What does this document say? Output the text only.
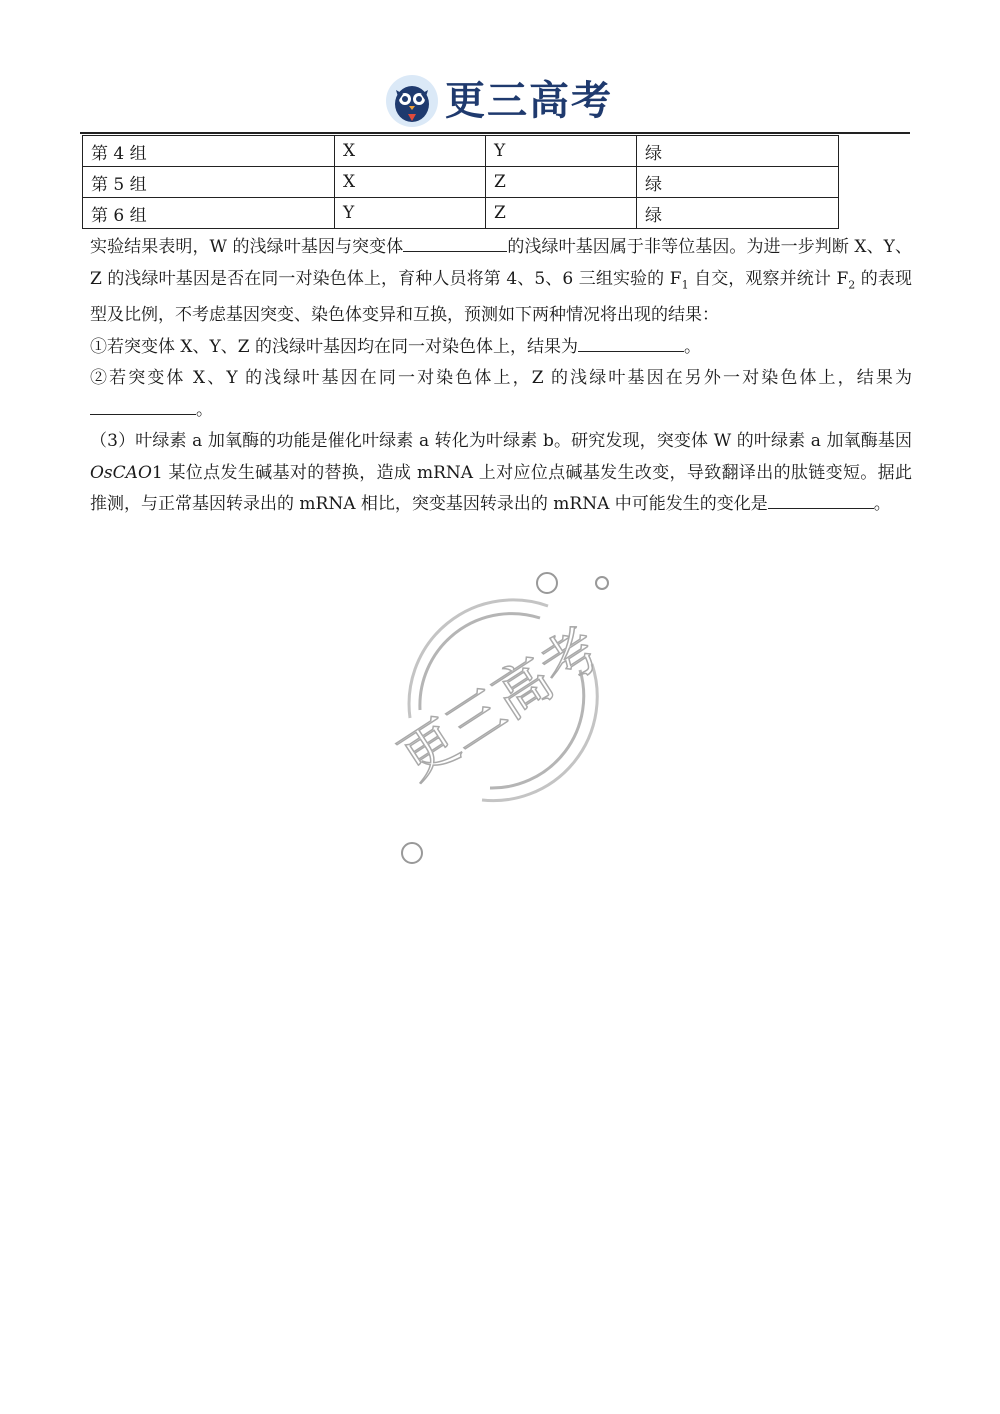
更三高考
第 4 组	X	Y	绿
第 5 组	X	Z	绿
第 6 组	Y	Z	绿

实验结果表明，W 的浅绿叶基因与突变体	的浅绿叶基因属于非等位基因。为进一步判断 X、Y、Z 的浅绿叶基因是否在同一对染色体上，育种人员将第 4、5、6 三组实验的 $F_1$ 自交，观察并统计 $F_2$ 的表现型及比例，不考虑基因突变、染色体变异和互换，预测如下两种情况将出现的结果：

①若突变体 X、Y、Z 的浅绿叶基因均在同一对染色体上，结果为	。

②若突变体 X、Y 的浅绿叶基因在同一对染色体上，Z 的浅绿叶基因在另外一对染色体上，结果为。

（3）叶绿素 a 加氧酶的功能是催化叶绿素 a 转化为叶绿素 b。研究发现，突变体 W 的叶绿素 a 加氧酶基因 OsCAO1 某位点发生碱基对的替换，造成 mRNA 上对应位点碱基发生改变，导致翻译出的肽链变短。据此推测，与正常基因转录出的 mRNA 相比，突变基因转录出的 mRNA 中可能发生的变化是	。

更三高考
